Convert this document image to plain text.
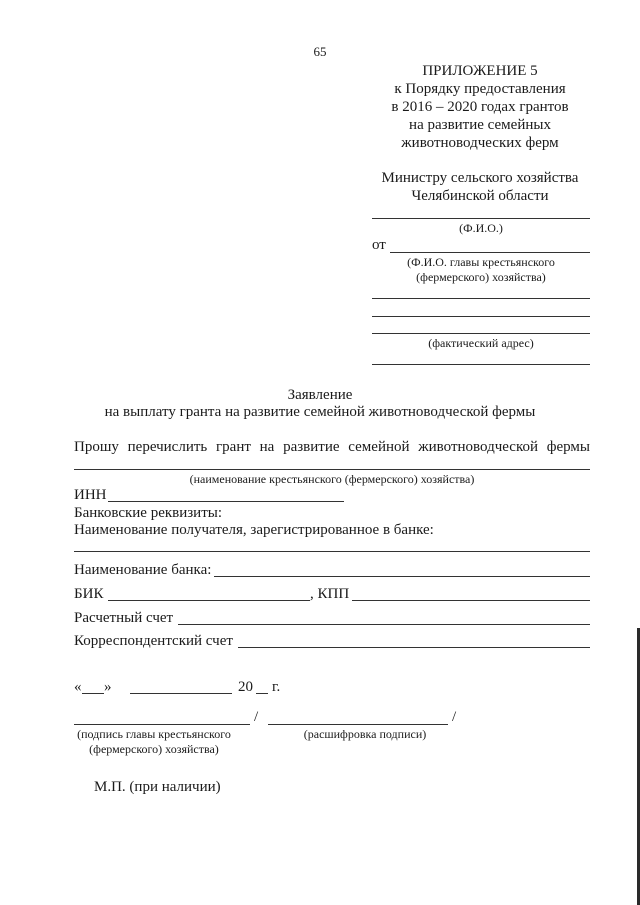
65
ПРИЛОЖЕНИЕ 5
к Порядку предоставления
в 2016 – 2020 годах грантов
на развитие семейных
животноводческих ферм
Министру сельского хозяйства
Челябинской области
(Ф.И.О.)
от
(Ф.И.О. главы крестьянского
(фермерского) хозяйства)
(фактический адрес)
Заявление
на выплату гранта на развитие семейной животноводческой фермы
Прошу перечислить грант на развитие семейной животноводческой фермы
(наименование крестьянского (фермерского) хозяйства)
ИНН
Банковские реквизиты:
Наименование получателя, зарегистрированное в банке:
Наименование банка:
БИК	, КПП
Расчетный счет
Корреспондентский счет
« »	20 г.
/	/
(подпись главы крестьянского
(фермерского) хозяйства)
(расшифровка подписи)
М.П. (при наличии)
